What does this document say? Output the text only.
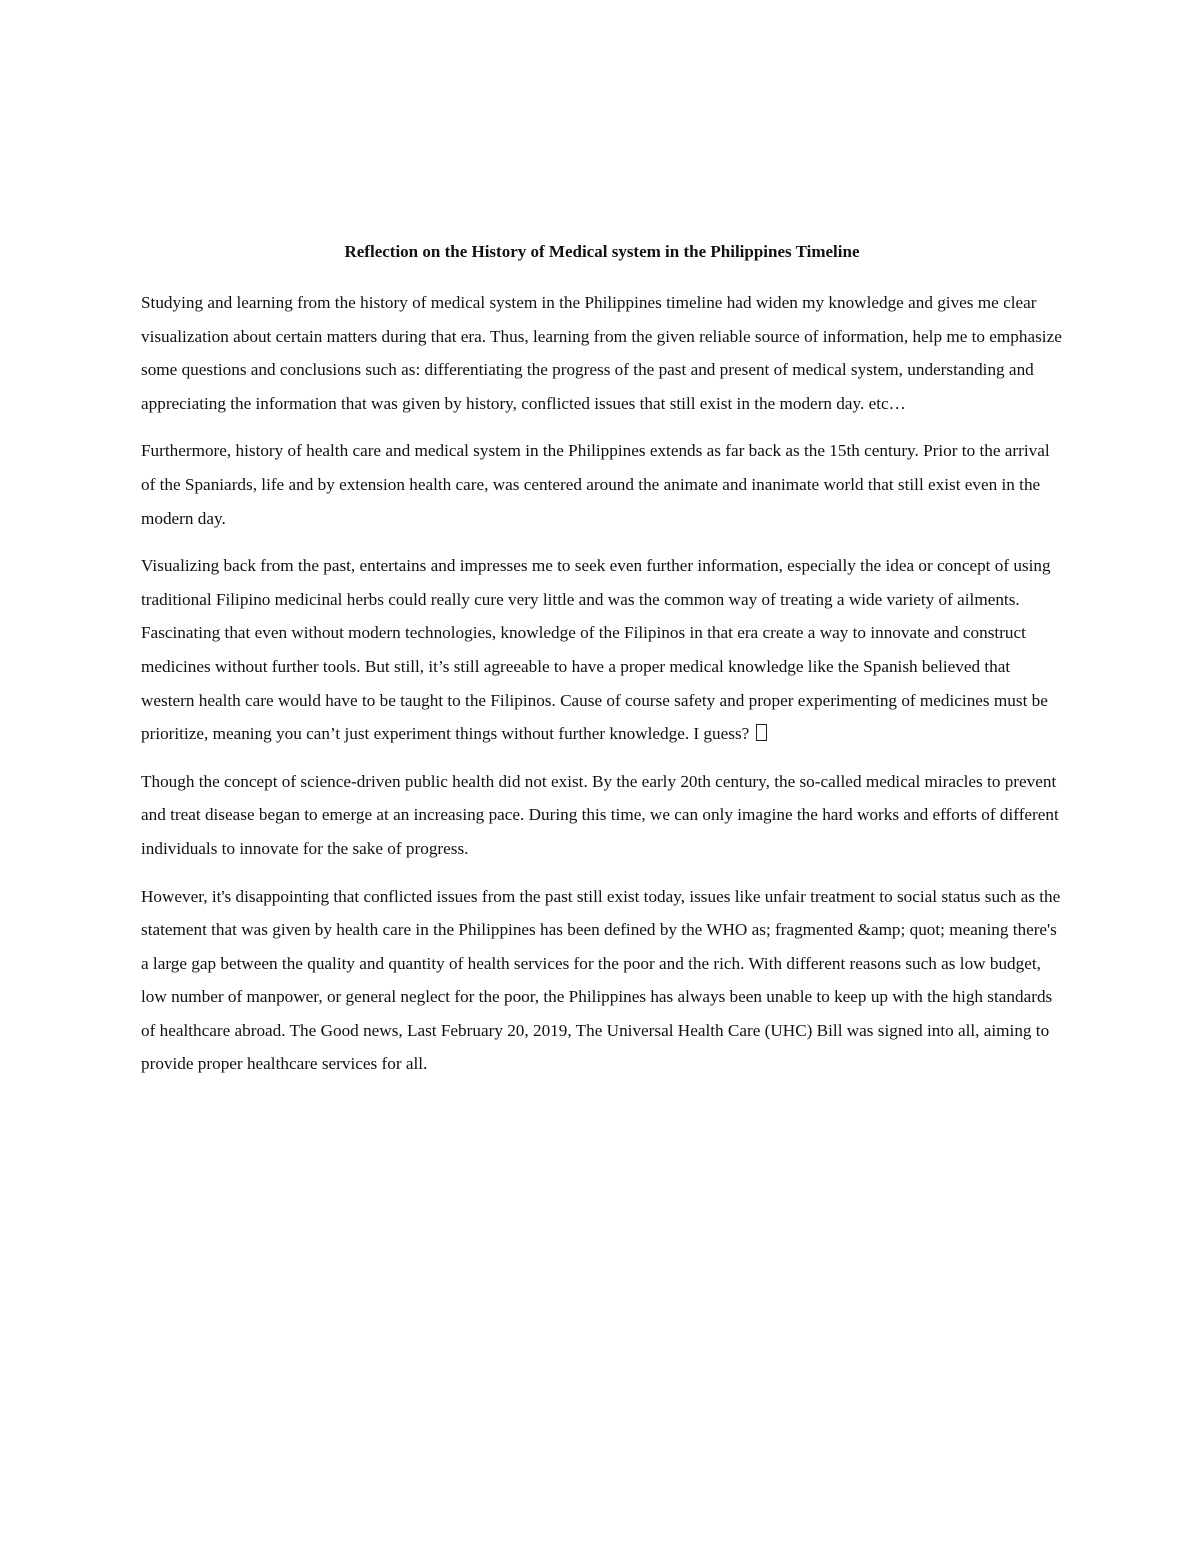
Reflection on the History of Medical system in the Philippines Timeline

Studying and learning from the history of medical system in the Philippines timeline had widen my knowledge and gives me clear visualization about certain matters during that era. Thus, learning from the given reliable source of information, help me to emphasize some questions and conclusions such as: differentiating the progress of the past and present of medical system, understanding and appreciating the information that was given by history, conflicted issues that still exist in the modern day. etc…

Furthermore, history of health care and medical system in the Philippines extends as far back as the 15th century. Prior to the arrival of the Spaniards, life and by extension health care, was centered around the animate and inanimate world that still exist even in the modern day.

Visualizing back from the past, entertains and impresses me to seek even further information, especially the idea or concept of using traditional Filipino medicinal herbs could really cure very little and was the common way of treating a wide variety of ailments. Fascinating that even without modern technologies, knowledge of the Filipinos in that era create a way to innovate and construct medicines without further tools. But still, it’s still agreeable to have a proper medical knowledge like the Spanish believed that western health care would have to be taught to the Filipinos. Cause of course safety and proper experimenting of medicines must be prioritize, meaning you can’t just experiment things without further knowledge. I guess?

Though the concept of science-driven public health did not exist. By the early 20th century, the so-called medical miracles to prevent and treat disease began to emerge at an increasing pace. During this time, we can only imagine the hard works and efforts of different individuals to innovate for the sake of progress.

However, it's disappointing that conflicted issues from the past still exist today, issues like unfair treatment to social status such as the statement that was given by health care in the Philippines has been defined by the WHO as; fragmented &amp; quot; meaning there's a large gap between the quality and quantity of health services for the poor and the rich. With different reasons such as low budget, low number of manpower, or general neglect for the poor, the Philippines has always been unable to keep up with the high standards of healthcare abroad. The Good news, Last February 20, 2019, The Universal Health Care (UHC) Bill was signed into all, aiming to provide proper healthcare services for all.
